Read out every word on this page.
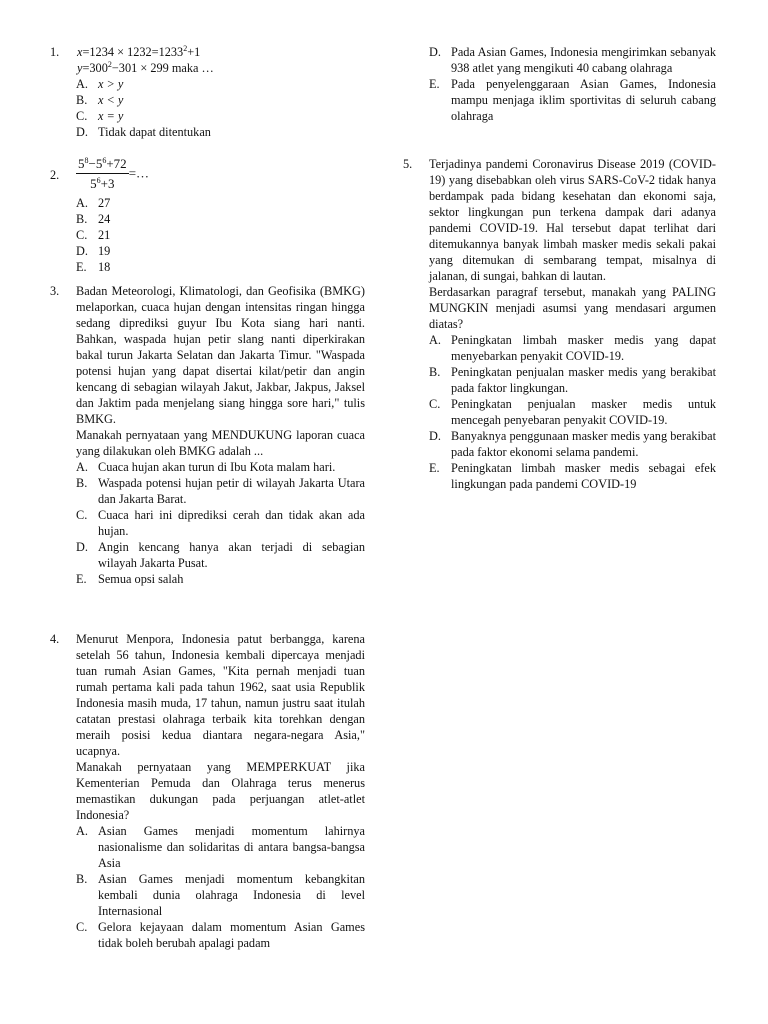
1. $x=1234 \times 1232=1233^2+1$
$y=300^2-301 \times 299$ maka …
A. x > y
B. x < y
C. x = y
D. Tidak dapat ditentukan
2. $\frac{5^8-5^6+72}{5^6+3}$ =…
A. 27
B. 24
C. 21
D. 19
E. 18
3. Badan Meteorologi, Klimatologi, dan Geofisika (BMKG) melaporkan, cuaca hujan dengan intensitas ringan hingga sedang diprediksi guyur Ibu Kota siang hari nanti. Bahkan, waspada hujan petir slang nanti diperkirakan bakal turun Jakarta Selatan dan Jakarta Timur. "Waspada potensi hujan yang dapat disertai kilat/petir dan angin kencang di sebagian wilayah Jakut, Jakbar, Jakpus, Jaksel dan Jaktim pada menjelang siang hingga sore hari," tulis BMKG.

Manakah pernyataan yang MENDUKUNG laporan cuaca yang dilakukan oleh BMKG adalah ...

A. Cuaca hujan akan turun di Ibu Kota malam hari.
B. Waspada potensi hujan petir di wilayah Jakarta Utara dan Jakarta Barat.
C. Cuaca hari ini diprediksi cerah dan tidak akan ada hujan.
D. Angin kencang hanya akan terjadi di sebagian wilayah Jakarta Pusat.
E. Semua opsi salah
4. Menurut Menpora, Indonesia patut berbangga, karena setelah 56 tahun, Indonesia kembali dipercaya menjadi tuan rumah Asian Games, "Kita pernah menjadi tuan rumah pertama kali pada tahun 1962, saat usia Republik Indonesia masih muda, 17 tahun, namun justru saat itulah catatan prestasi olahraga terbaik kita torehkan dengan meraih posisi kedua diantara negara-negara Asia," ucapnya.

Manakah pernyataan yang MEMPERKUAT jika Kementerian Pemuda dan Olahraga terus menerus memastikan dukungan pada perjuangan atlet-atlet Indonesia?

A. Asian Games menjadi momentum lahirnya nasionalisme dan solidaritas di antara bangsa-bangsa Asia
B. Asian Games menjadi momentum kebangkitan kembali dunia olahraga Indonesia di level Internasional
C. Gelora kejayaan dalam momentum Asian Games tidak boleh berubah apalagi padam
D. Pada Asian Games, Indonesia mengirimkan sebanyak 938 atlet yang mengikuti 40 cabang olahraga
E. Pada penyelenggaraan Asian Games, Indonesia mampu menjaga iklim sportivitas di seluruh cabang olahraga
5. Terjadinya pandemi Coronavirus Disease 2019 (COVID-19) yang disebabkan oleh virus SARS-CoV-2 tidak hanya berdampak pada bidang kesehatan dan ekonomi saja, sektor lingkungan pun terkena dampak dari adanya pandemi COVID-19. Hal tersebut dapat terlihat dari ditemukannya banyak limbah masker medis sekali pakai yang ditemukan di sembarang tempat, misalnya di jalanan, di sungai, bahkan di lautan.

Berdasarkan paragraf tersebut, manakah yang PALING MUNGKIN menjadi asumsi yang mendasari argumen diatas?

A. Peningkatan limbah masker medis yang dapat menyebarkan penyakit COVID-19.
B. Peningkatan penjualan masker medis yang berakibat pada faktor lingkungan.
C. Peningkatan penjualan masker medis untuk mencegah penyebaran penyakit COVID-19.
D. Banyaknya penggunaan masker medis yang berakibat pada faktor ekonomi selama pandemi.
E. Peningkatan limbah masker medis sebagai efek lingkungan pada pandemi COVID-19
